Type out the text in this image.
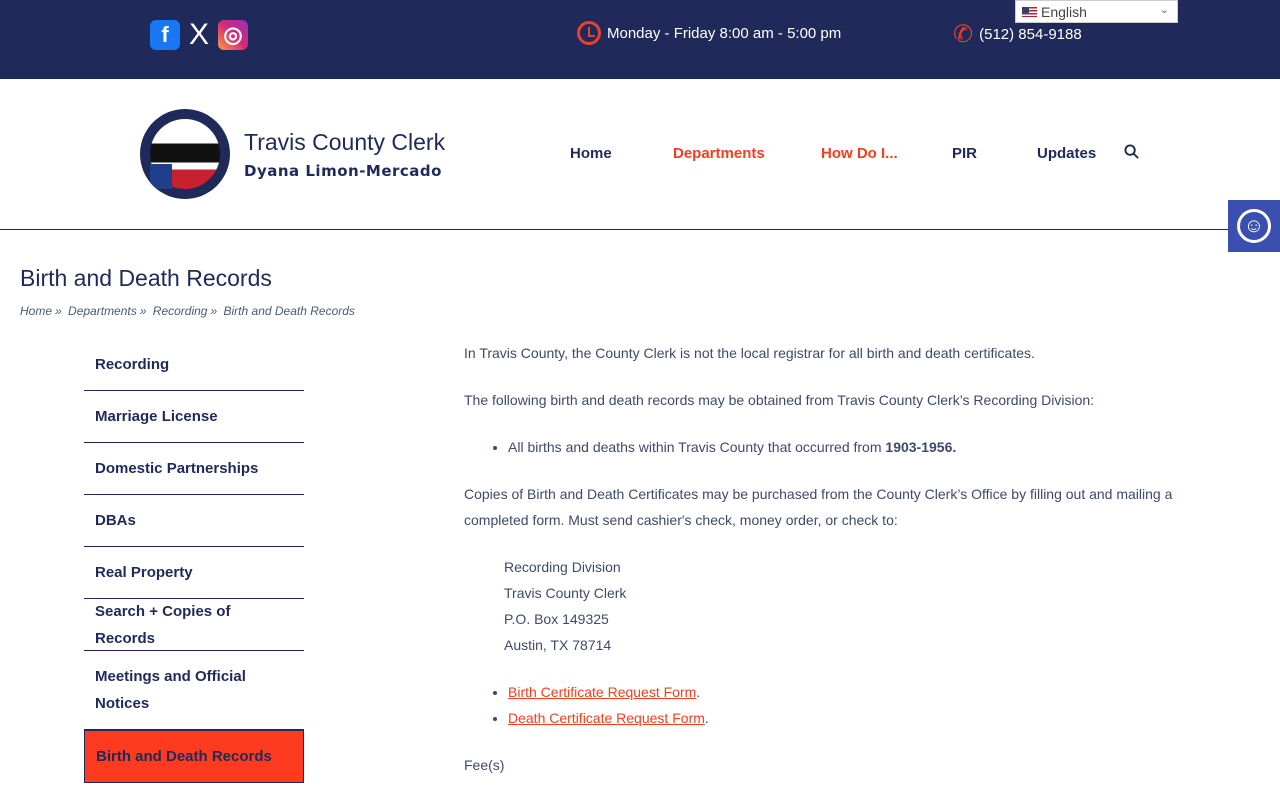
f X ◎	Monday - Friday 8:00 am - 5:00 pm	✆ (512) 854-9188
English	⌄
Travis County Clerk
Dyana Limon-Mercado
Home	Departments	How Do I...	PIR	Updates
☺
Birth and Death Records
Home » Departments » Recording » Birth and Death Records
Recording
Marriage License
Domestic Partnerships
DBAs
Real Property
Search + Copies of Records
Meetings and Official Notices
Birth and Death Records

In Travis County, the County Clerk is not the local registrar for all birth and death certificates.

The following birth and death records may be obtained from Travis County Clerk’s Recording Division:

• All births and deaths within Travis County that occurred from 1903-1956.

Copies of Birth and Death Certificates may be purchased from the County Clerk’s Office by filling out and mailing a completed form. Must send cashier's check, money order, or check to:

Recording Division
Travis County Clerk
P.O. Box 149325
Austin, TX 78714
• Birth Certificate Request Form.
• Death Certificate Request Form.

Fee(s)
